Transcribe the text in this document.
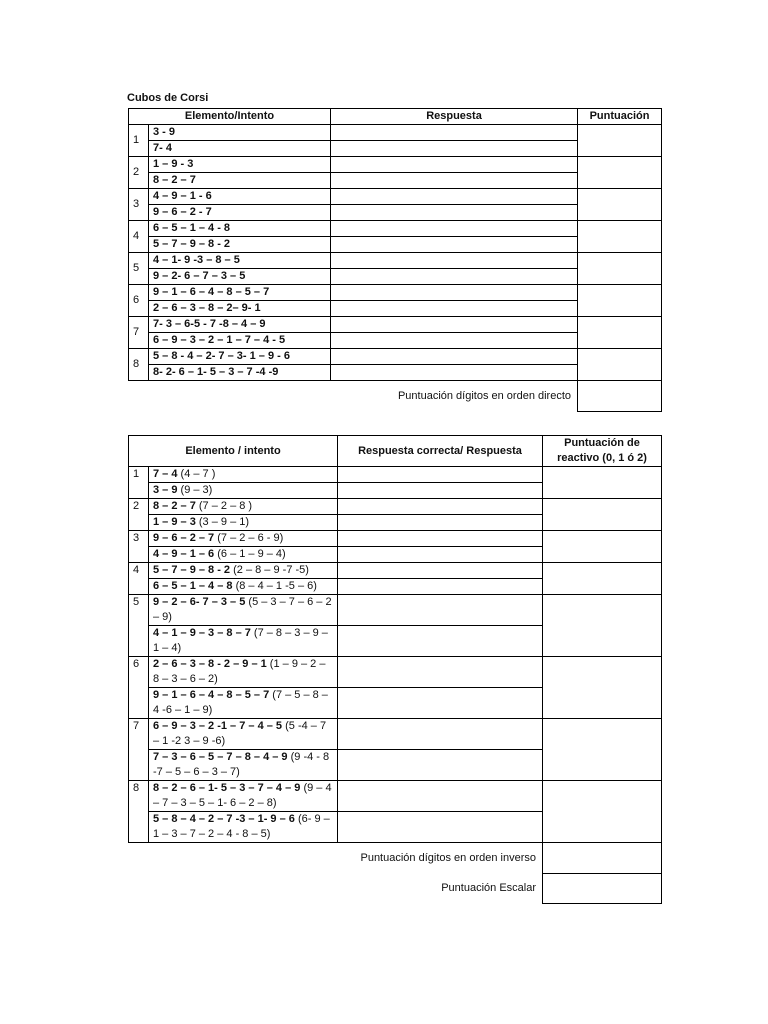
Cubos de Corsi
Elemento/Intento		Respuesta	Puntuación
1	3 - 9		
	7- 4		
2	1 – 9 - 3		
	8 – 2 – 7		
3	4 – 9 – 1 - 6		
	9 – 6 – 2 - 7		
4	6 – 5 – 1 – 4 - 8		
	5 – 7 – 9 – 8 - 2		
5	4 – 1- 9 -3 – 8 – 5		
	9 – 2- 6 – 7 – 3 – 5		
6	9 – 1 – 6 – 4 – 8 – 5 – 7		
	2 – 6 – 3 – 8 – 2– 9- 1		
7	7- 3 – 6-5 - 7 -8 – 4 – 9		
	6 – 9 – 3 – 2 – 1 – 7 – 4 - 5		
8	5 – 8 - 4 – 2- 7 – 3- 1 – 9 - 6		
	8- 2- 6 – 1- 5 – 3 – 7 -4 -9		
Puntuación dígitos en orden directo			
Elemento / intento		Respuesta correcta/ Respuesta	Puntuación de reactivo (0, 1 ó 2)
1	7 – 4 (4 – 7 )		
	3 – 9 (9 – 3)		
2	8 – 2 – 7 (7 – 2 – 8 )		
	1 – 9 – 3 (3 – 9 – 1)		
3	9 – 6 – 2 – 7 (7 – 2 – 6 - 9)		
	4 – 9 – 1 – 6 (6 – 1 – 9 – 4)		
4	5 – 7 – 9 – 8 - 2 (2 – 8 – 9 -7 -5)		
	6 – 5 – 1 – 4 – 8 (8 – 4 – 1 -5 – 6)		
5	9 – 2 – 6- 7 – 3 – 5 (5 – 3 – 7 – 6 – 2 – 9)		
	4 – 1 – 9 – 3 – 8 – 7 (7 – 8 – 3 – 9 – 1 – 4)		
6	2 – 6 – 3 – 8 - 2 – 9 – 1 (1 – 9 – 2 – 8 – 3 – 6 – 2)		
	9 – 1 – 6 – 4 – 8 – 5 – 7 (7 – 5 – 8 – 4 -6 – 1 – 9)		
7	6 – 9 – 3 – 2 -1 – 7 – 4 – 5 (5 -4 – 7 – 1 -2 3 – 9 -6)		
	7 – 3 – 6 – 5 – 7 – 8 – 4 – 9 (9 -4 - 8 -7 – 5 – 6 – 3 – 7)		
8	8 – 2 – 6 – 1- 5 – 3 – 7 – 4 – 9 (9 – 4 – 7 – 3 – 5 – 1- 6 – 2 – 8)		
	5 – 8 – 4 – 2 – 7 -3 – 1- 9 – 6 (6- 9 – 1 – 3 – 7 – 2 – 4 - 8 – 5)		
Puntuación dígitos en orden inverso			
Puntuación Escalar			
